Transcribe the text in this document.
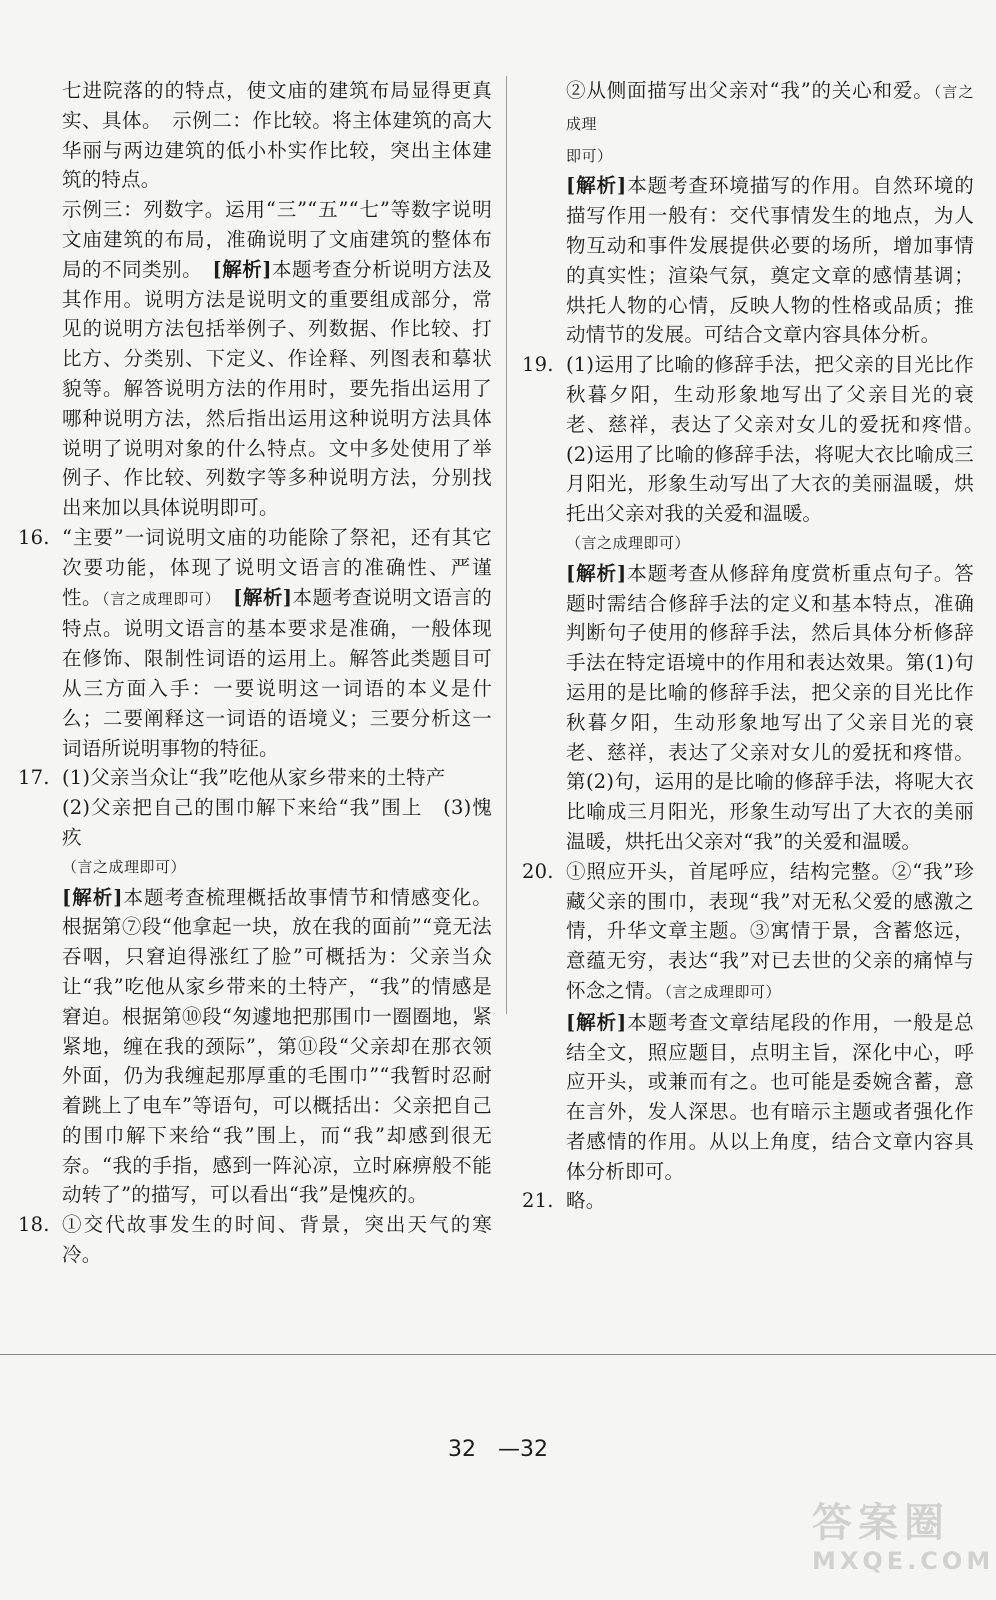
七进院落的的特点，使文庙的建筑布局显得更真实、具体。　示例二：作比较。将主体建筑的高大华丽与两边建筑的低小朴实作比较，突出主体建筑的特点。
示例三：列数字。运用“三”“五”“七”等数字说明文庙建筑的布局，准确说明了文庙建筑的整体布局的不同类别。　[解析]本题考查分析说明方法及其作用。说明方法是说明文的重要组成部分，常见的说明方法包括举例子、列数据、作比较、打比方、分类别、下定义、作诠释、列图表和摹状貌等。解答说明方法的作用时，要先指出运用了哪种说明方法，然后指出运用这种说明方法具体说明了说明对象的什么特点。文中多处使用了举例子、作比较、列数字等多种说明方法，分别找出来加以具体说明即可。
16. “主要”一词说明文庙的功能除了祭祀，还有其它次要功能，体现了说明文语言的准确性、严谨性。（言之成理即可）　 [解析]本题考查说明文语言的特点。说明文语言的基本要求是准确，一般体现在修饰、限制性词语的运用上。解答此类题目可从三方面入手：一要说明这一词语的本义是什么；二要阐释这一词语的语境义；三要分析这一词语所说明事物的特征。
17. (1)父亲当众让“我”吃他从家乡带来的土特产

(2)父亲把自己的围巾解下来给“我”围上　(3)愧疚

（言之成理即可）

[解析]本题考查梳理概括故事情节和情感变化。根据第⑦段“他拿起一块，放在我的面前”“竟无法吞咽，只窘迫得涨红了脸”可概括为：父亲当众让“我”吃他从家乡带来的土特产，“我”的情感是窘迫。根据第⑩段“匆遽地把那围巾一圈圈地，紧紧地，缠在我的颈际”，第⑪段“父亲却在那衣领外面，仍为我缠起那厚重的毛围巾”“我暂时忍耐着跳上了电车”等语句，可以概括出：父亲把自己的围巾解下来给“我”围上，而“我”却感到很无奈。“我的手指，感到一阵沁凉，立时麻痹般不能动转了”的描写，可以看出“我”是愧疚的。

18. ①交代故事发生的时间、背景，突出天气的寒冷。

②从侧面描写出父亲对“我”的关心和爱。（言之成理
即可）
[解析]本题考查环境描写的作用。自然环境的描写作用一般有：交代事情发生的地点，为人物互动和事件发展提供必要的场所，增加事情的真实性；渲染气氛，奠定文章的感情基调；烘托人物的心情，反映人物的性格或品质；推动情节的发展。可结合文章内容具体分析。
19. (1)运用了比喻的修辞手法，把父亲的目光比作秋暮夕阳，生动形象地写出了父亲目光的衰老、慈祥，表达了父亲对女儿的爱抚和疼惜。　(2)运用了比喻的修辞手法，将呢大衣比喻成三月阳光，形象生动写出了大衣的美丽温暖，烘托出父亲对我的关爱和温暖。

（言之成理即可）

[解析]本题考查从修辞角度赏析重点句子。答题时需结合修辞手法的定义和基本特点，准确判断句子使用的修辞手法，然后具体分析修辞手法在特定语境中的作用和表达效果。第(1)句运用的是比喻的修辞手法，把父亲的目光比作秋暮夕阳，生动形象地写出了父亲目光的衰老、慈祥，表达了父亲对女儿的爱抚和疼惜。第(2)句，运用的是比喻的修辞手法，将呢大衣比喻成三月阳光，形象生动写出了大衣的美丽温暖，烘托出父亲对“我”的关爱和温暖。

20. ①照应开头，首尾呼应，结构完整。②“我”珍藏父亲的围巾，表现“我”对无私父爱的感激之情，升华文章主题。③寓情于景，含蓄悠远，意蕴无穷，表达“我”对已去世的父亲的痛悼与怀念之情。（言之成理即可）

[解析]本题考查文章结尾段的作用，一般是总结全文，照应题目，点明主旨，深化中心，呼应开头，或兼而有之。也可能是委婉含蓄，意在言外，发人深思。也有暗示主题或者强化作者感情的作用。从以上角度，结合文章内容具体分析即可。

21. 略。

32　—32
答案圈
MXQE.COM
